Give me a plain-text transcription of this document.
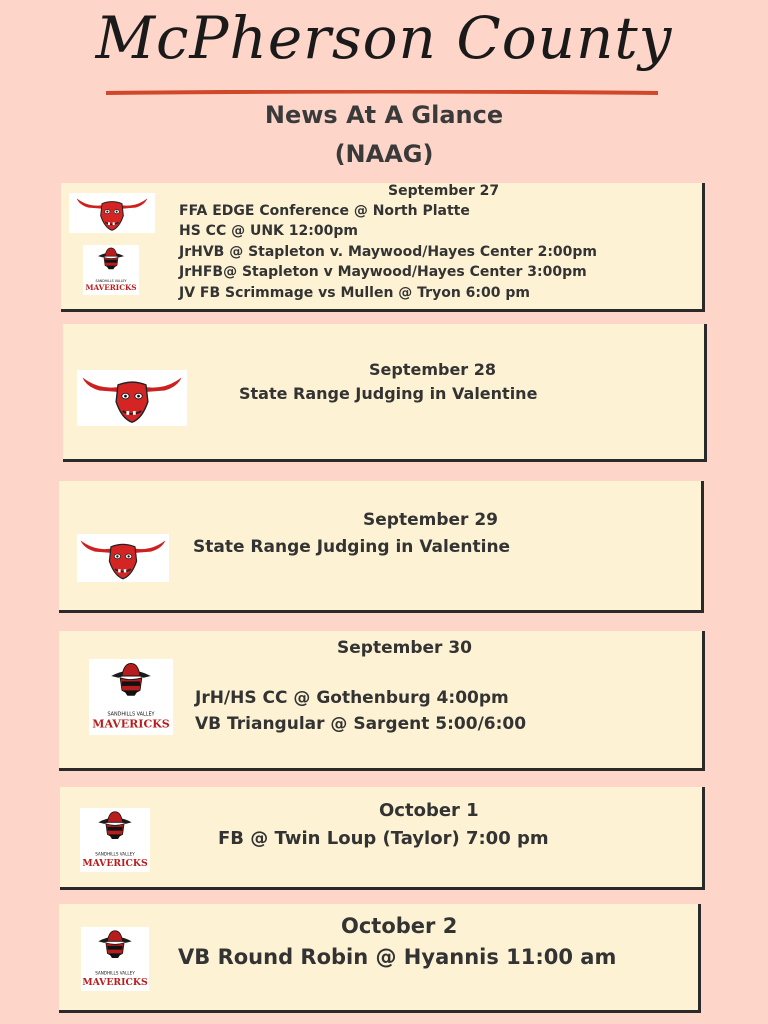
McPherson County
News At A Glance
(NAAG)
SANDHILLS VALLEY
MAVERICKS
September 27
FFA EDGE Conference @ North Platte
HS CC @ UNK 12:00pm
JrHVB @ Stapleton v. Maywood/Hayes Center 2:00pm
JrHFB@ Stapleton v Maywood/Hayes Center 3:00pm
JV FB Scrimmage vs Mullen @ Tryon 6:00 pm
September 28
State Range Judging in Valentine
September 29
State Range Judging in Valentine
SANDHILLS VALLEY
MAVERICKS
September 30
JrH/HS CC @ Gothenburg 4:00pm
VB Triangular @ Sargent 5:00/6:00
SANDHILLS VALLEY
MAVERICKS
October 1
FB @ Twin Loup (Taylor) 7:00 pm
SANDHILLS VALLEY
MAVERICKS
October 2
VB Round Robin @ Hyannis 11:00 am
